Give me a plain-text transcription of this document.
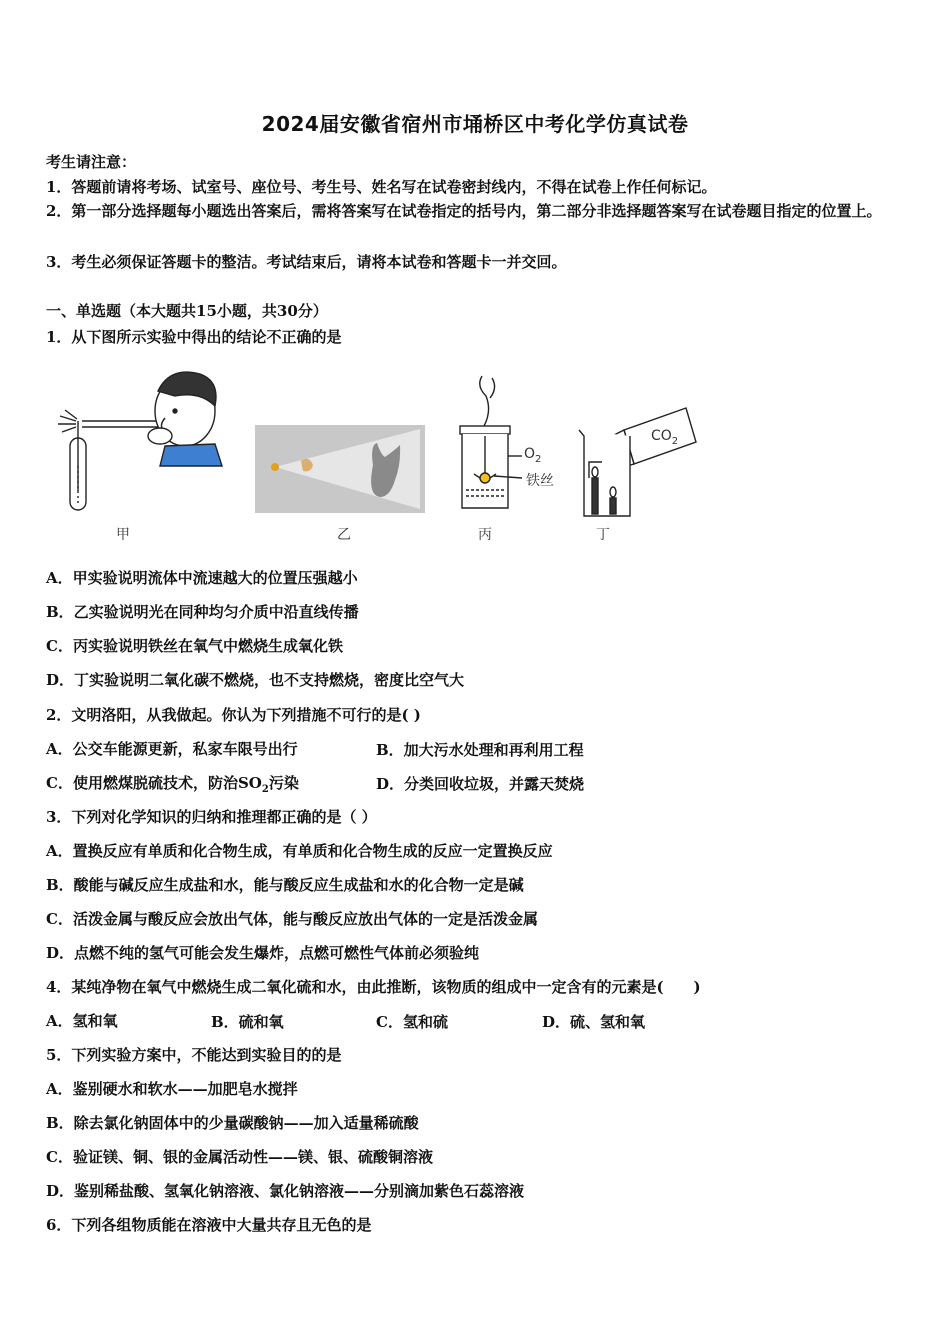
2024届安徽省宿州市埇桥区中考化学仿真试卷
考生请注意：
1．答题前请将考场、试室号、座位号、考生号、姓名写在试卷密封线内，不得在试卷上作任何标记。
2．第一部分选择题每小题选出答案后，需将答案写在试卷指定的括号内，第二部分非选择题答案写在试卷题目指定的位置上。
3．考生必须保证答题卡的整洁。考试结束后，请将本试卷和答题卡一并交回。
一、单选题（本大题共15小题，共30分）
1．从下图所示实验中得出的结论不正确的是
甲	乙
$O_2$
铁丝
丙
$CO_2$
丁
A．甲实验说明流体中流速越大的位置压强越小
B．乙实验说明光在同种均匀介质中沿直线传播
C．丙实验说明铁丝在氧气中燃烧生成氧化铁
D．丁实验说明二氧化碳不燃烧，也不支持燃烧，密度比空气大
2．文明洛阳，从我做起。你认为下列措施不可行的是( )
A．公交车能源更新，私家车限号出行	B．加大污水处理和再利用工程
C．使用燃煤脱硫技术，防治$SO_2$污染	D．分类回收垃圾，并露天焚烧
3．下列对化学知识的归纳和推理都正确的是（ ）
A．置换反应有单质和化合物生成，有单质和化合物生成的反应一定置换反应
B．酸能与碱反应生成盐和水，能与酸反应生成盐和水的化合物一定是碱
C．活泼金属与酸反应会放出气体，能与酸反应放出气体的一定是活泼金属
D．点燃不纯的氢气可能会发生爆炸，点燃可燃性气体前必须验纯
4．某纯净物在氧气中燃烧生成二氧化硫和水，由此推断，该物质的组成中一定含有的元素是(　　)
A．氢和氧	B．硫和氧	C．氢和硫	D．硫、氢和氧
5．下列实验方案中，不能达到实验目的的是
A．鉴别硬水和软水——加肥皂水搅拌
B．除去氯化钠固体中的少量碳酸钠——加入适量稀硫酸
C．验证镁、铜、银的金属活动性——镁、银、硫酸铜溶液
D．鉴别稀盐酸、氢氧化钠溶液、氯化钠溶液——分别滴加紫色石蕊溶液
6．下列各组物质能在溶液中大量共存且无色的是
